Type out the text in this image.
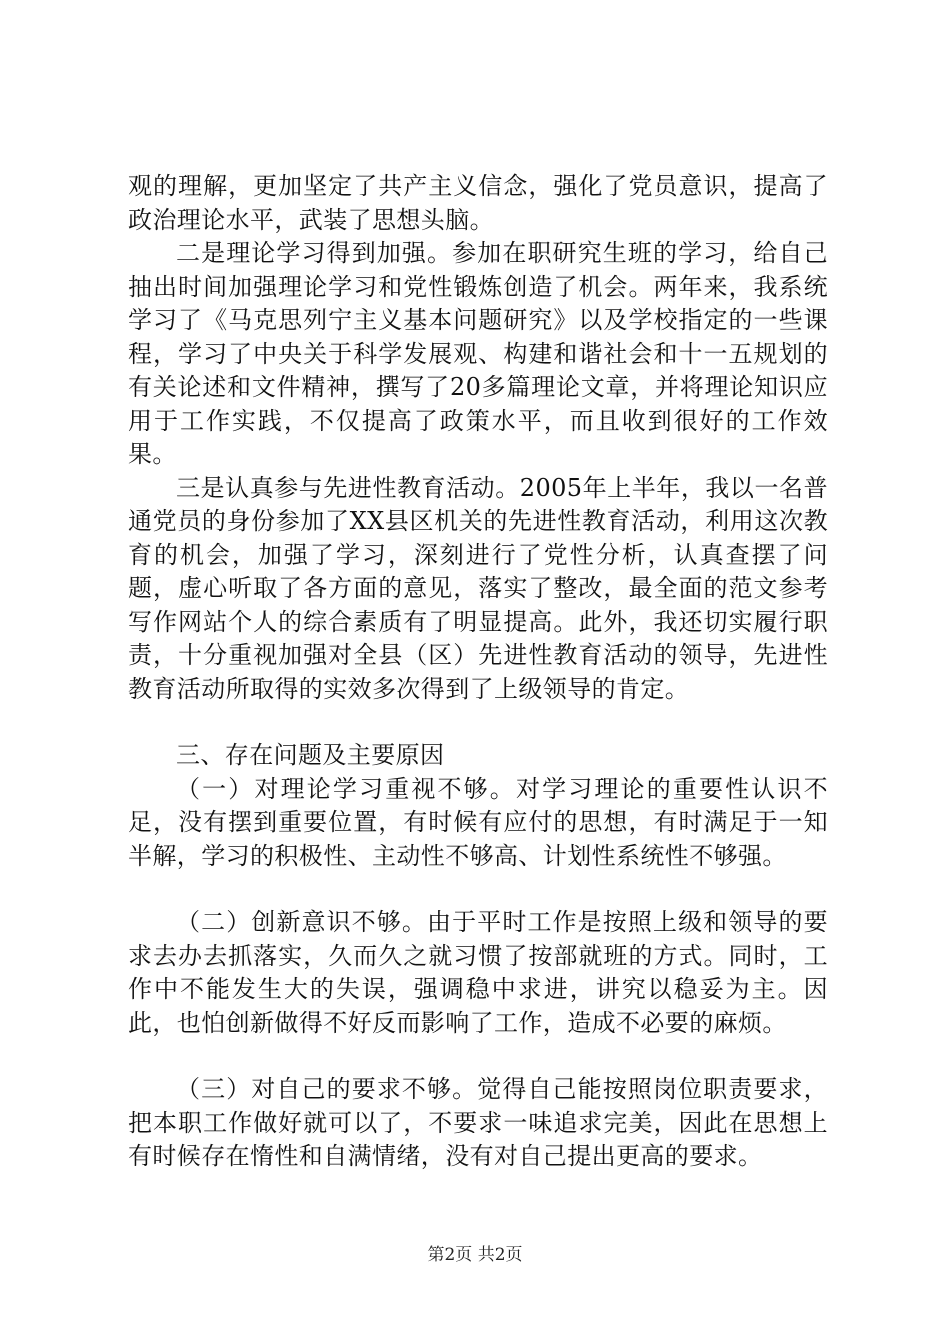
观的理解，更加坚定了共产主义信念，强化了党员意识，提高了政治理论水平，武装了思想头脑。

二是理论学习得到加强。参加在职研究生班的学习，给自己抽出时间加强理论学习和党性锻炼创造了机会。两年来，我系统学习了《马克思列宁主义基本问题研究》以及学校指定的一些课程，学习了中央关于科学发展观、构建和谐社会和十一五规划的有关论述和文件精神，撰写了20多篇理论文章，并将理论知识应用于工作实践，不仅提高了政策水平，而且收到很好的工作效果。

三是认真参与先进性教育活动。2005年上半年，我以一名普通党员的身份参加了XX县区机关的先进性教育活动，利用这次教育的机会，加强了学习，深刻进行了党性分析，认真查摆了问题，虚心听取了各方面的意见，落实了整改，最全面的范文参考写作网站个人的综合素质有了明显提高。此外，我还切实履行职责，十分重视加强对全县（区）先进性教育活动的领导，先进性教育活动所取得的实效多次得到了上级领导的肯定。

三、存在问题及主要原因

（一）对理论学习重视不够。对学习理论的重要性认识不足，没有摆到重要位置，有时候有应付的思想，有时满足于一知半解，学习的积极性、主动性不够高、计划性系统性不够强。

（二）创新意识不够。由于平时工作是按照上级和领导的要求去办去抓落实，久而久之就习惯了按部就班的方式。同时，工作中不能发生大的失误，强调稳中求进，讲究以稳妥为主。因此，也怕创新做得不好反而影响了工作，造成不必要的麻烦。

（三）对自己的要求不够。觉得自己能按照岗位职责要求，把本职工作做好就可以了，不要求一味追求完美，因此在思想上有时候存在惰性和自满情绪，没有对自己提出更高的要求。

第2页 共2页
